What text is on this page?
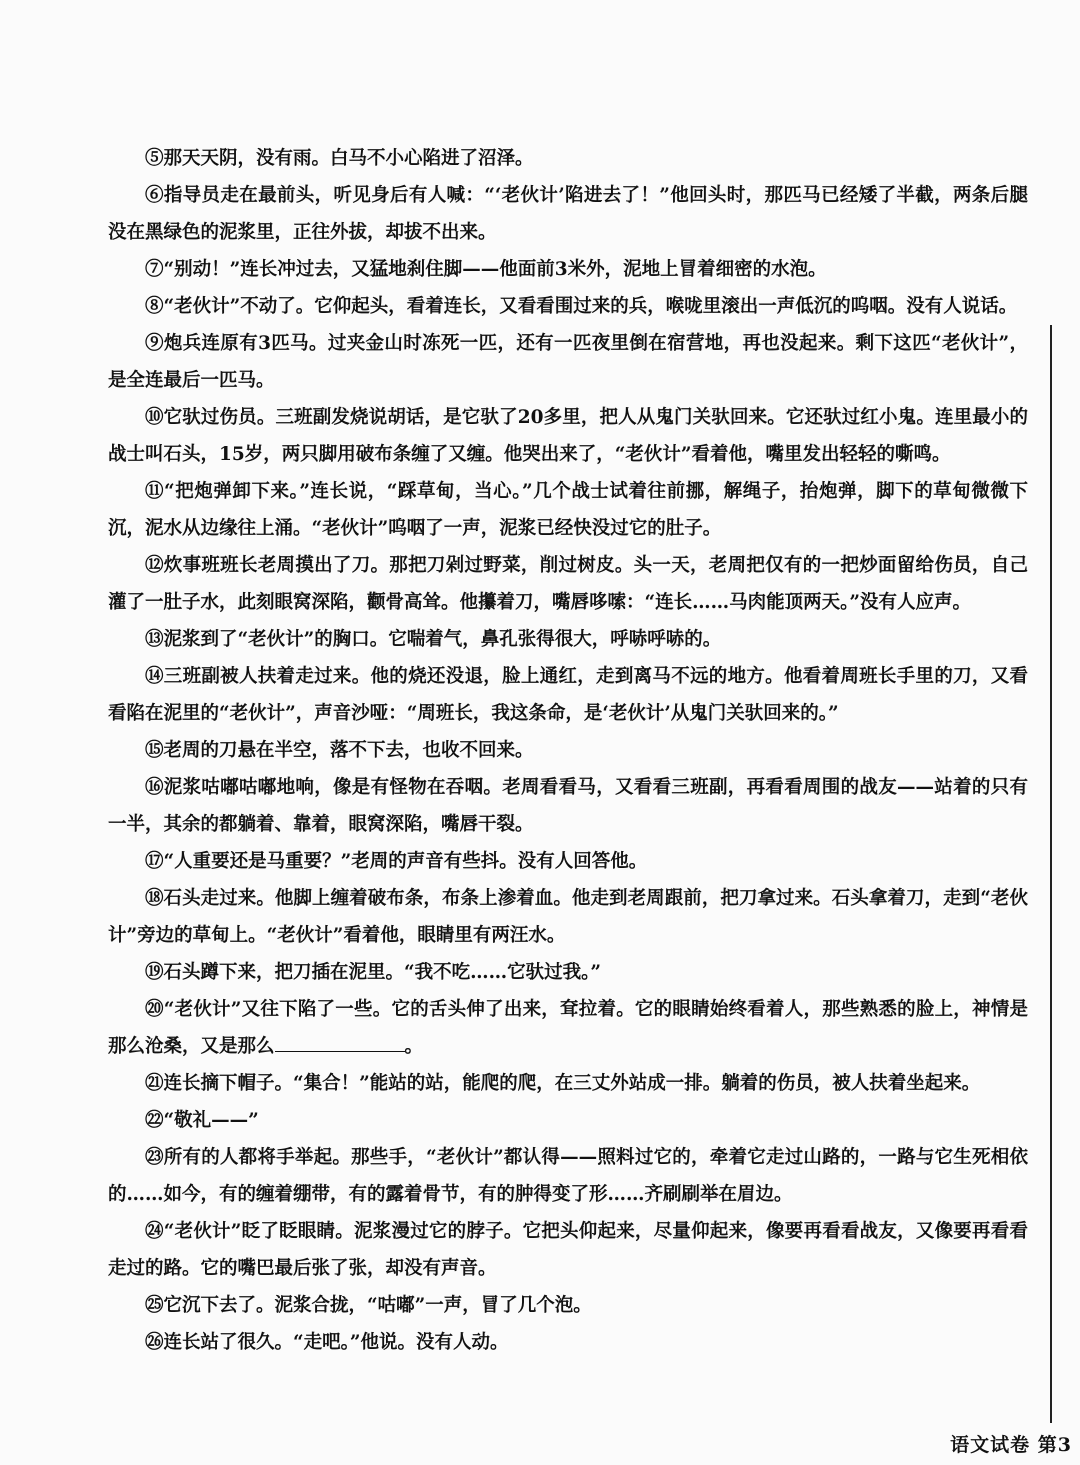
⑤那天天阴，没有雨。白马不小心陷进了沼泽。

⑥指导员走在最前头，听见身后有人喊：“‘老伙计’陷进去了！”他回头时，那匹马已经矮了半截，两条后腿没在黑绿色的泥浆里，正往外拔，却拔不出来。

⑦“别动！”连长冲过去，又猛地刹住脚——他面前3米外，泥地上冒着细密的水泡。

⑧“老伙计”不动了。它仰起头，看着连长，又看看围过来的兵，喉咙里滚出一声低沉的呜咽。没有人说话。

⑨炮兵连原有3匹马。过夹金山时冻死一匹，还有一匹夜里倒在宿营地，再也没起来。剩下这匹“老伙计”，是全连最后一匹马。

⑩它驮过伤员。三班副发烧说胡话，是它驮了20多里，把人从鬼门关驮回来。它还驮过红小鬼。连里最小的战士叫石头，15岁，两只脚用破布条缠了又缠。他哭出来了，“老伙计”看着他，嘴里发出轻轻的嘶鸣。

⑪“把炮弹卸下来。”连长说，“踩草甸，当心。”几个战士试着往前挪，解绳子，抬炮弹，脚下的草甸微微下沉，泥水从边缘往上涌。“老伙计”呜咽了一声，泥浆已经快没过它的肚子。

⑫炊事班班长老周摸出了刀。那把刀剁过野菜，削过树皮。头一天，老周把仅有的一把炒面留给伤员，自己灌了一肚子水，此刻眼窝深陷，颧骨高耸。他攥着刀，嘴唇哆嗦：“连长……马肉能顶两天。”没有人应声。

⑬泥浆到了“老伙计”的胸口。它喘着气，鼻孔张得很大，呼哧呼哧的。

⑭三班副被人扶着走过来。他的烧还没退，脸上通红，走到离马不远的地方。他看着周班长手里的刀，又看看陷在泥里的“老伙计”，声音沙哑：“周班长，我这条命，是‘老伙计’从鬼门关驮回来的。”

⑮老周的刀悬在半空，落不下去，也收不回来。

⑯泥浆咕嘟咕嘟地响，像是有怪物在吞咽。老周看看马，又看看三班副，再看看周围的战友——站着的只有一半，其余的都躺着、靠着，眼窝深陷，嘴唇干裂。

⑰“人重要还是马重要？”老周的声音有些抖。没有人回答他。

⑱石头走过来。他脚上缠着破布条，布条上渗着血。他走到老周跟前，把刀拿过来。石头拿着刀，走到“老伙计”旁边的草甸上。“老伙计”看着他，眼睛里有两汪水。

⑲石头蹲下来，把刀插在泥里。“我不吃……它驮过我。”

⑳“老伙计”又往下陷了一些。它的舌头伸了出来，耷拉着。它的眼睛始终看着人，那些熟悉的脸上，神情是那么沧桑，又是那么	。

㉑连长摘下帽子。“集合！”能站的站，能爬的爬，在三丈外站成一排。躺着的伤员，被人扶着坐起来。

㉒“敬礼——”

㉓所有的人都将手举起。那些手，“老伙计”都认得——照料过它的，牵着它走过山路的，一路与它生死相依的……如今，有的缠着绷带，有的露着骨节，有的肿得变了形……齐刷刷举在眉边。

㉔“老伙计”眨了眨眼睛。泥浆漫过它的脖子。它把头仰起来，尽量仰起来，像要再看看战友，又像要再看看走过的路。它的嘴巴最后张了张，却没有声音。

㉕它沉下去了。泥浆合拢，“咕嘟”一声，冒了几个泡。

㉖连长站了很久。“走吧。”他说。没有人动。

语文试卷 第3
